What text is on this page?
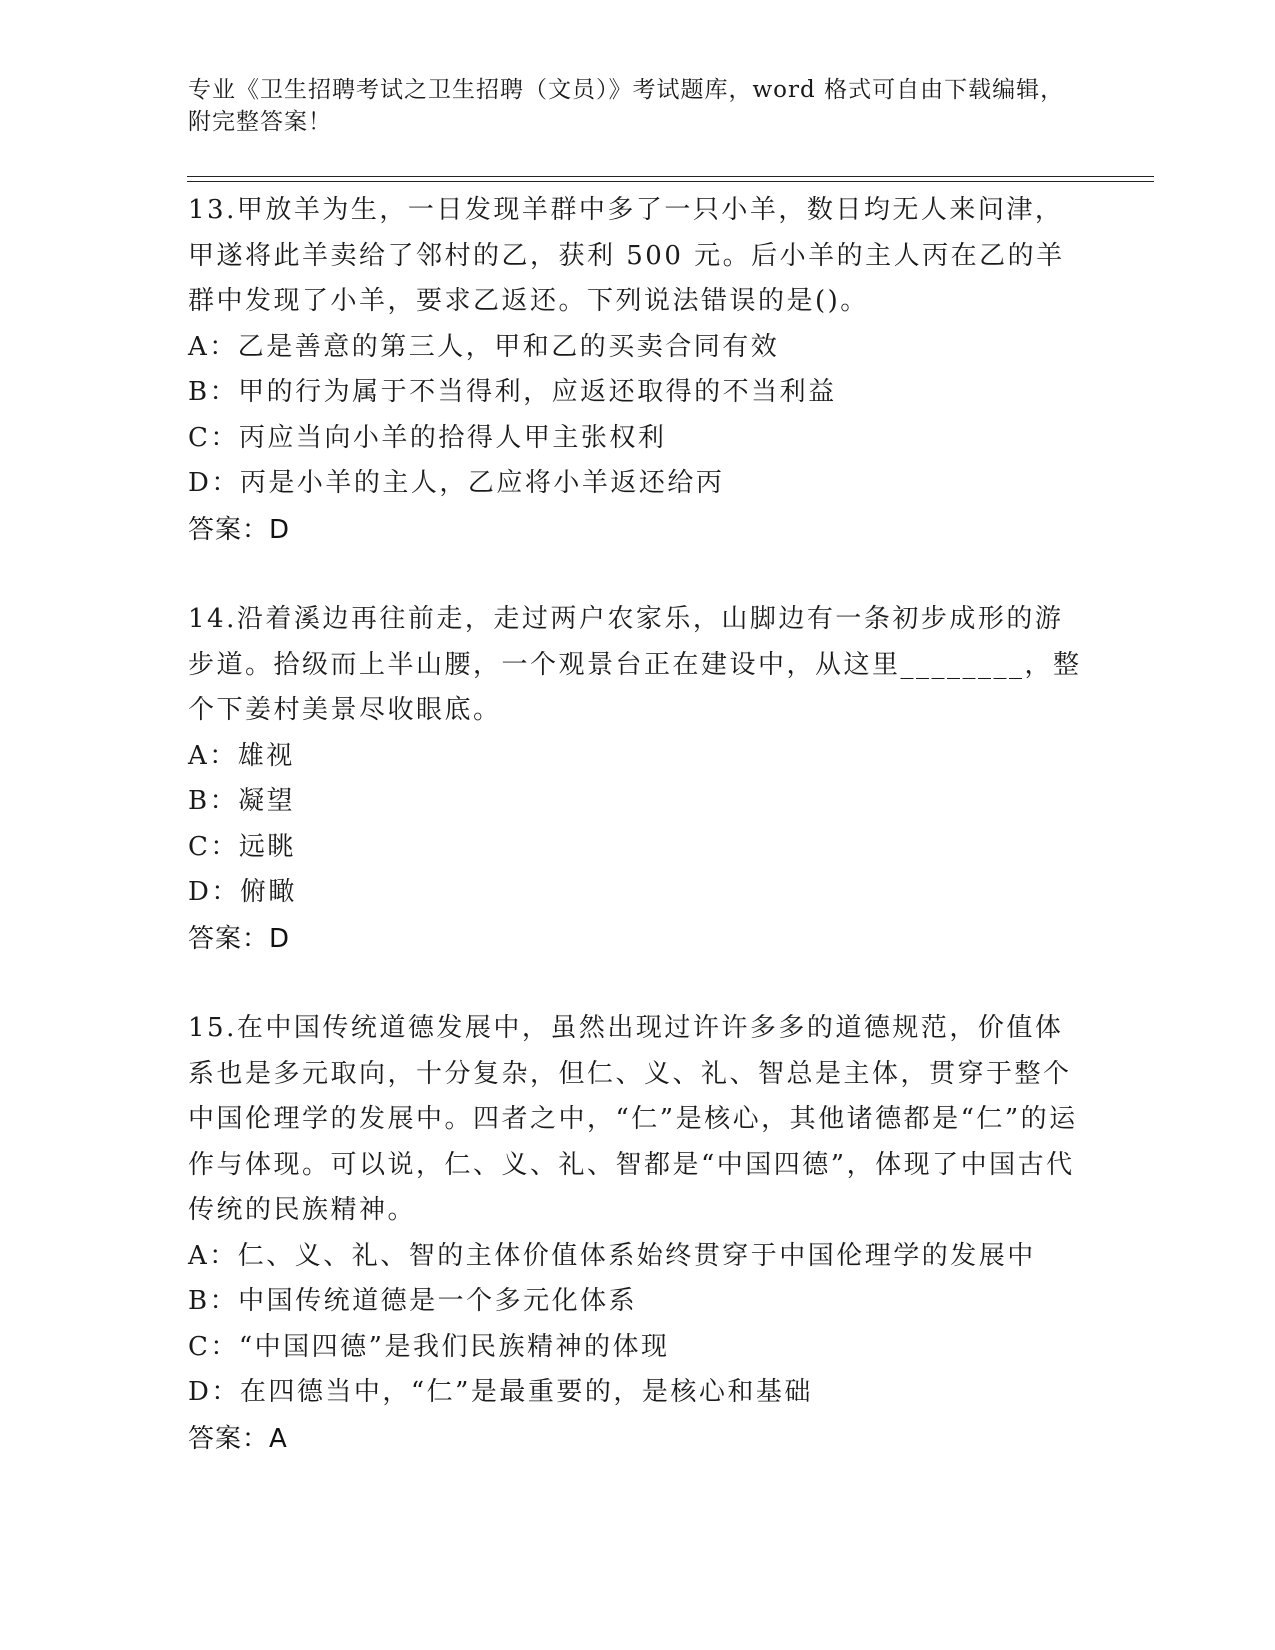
专业《卫生招聘考试之卫生招聘（文员）》考试题库，word 格式可自由下载编辑，附完整答案！

13.甲放羊为生，一日发现羊群中多了一只小羊，数日均无人来问津，甲遂将此羊卖给了邻村的乙，获利 500 元。后小羊的主人丙在乙的羊群中发现了小羊，要求乙返还。下列说法错误的是()。

A：乙是善意的第三人，甲和乙的买卖合同有效

B：甲的行为属于不当得利，应返还取得的不当利益

C：丙应当向小羊的拾得人甲主张权利

D：丙是小羊的主人，乙应将小羊返还给丙

答案：D

14.沿着溪边再往前走，走过两户农家乐，山脚边有一条初步成形的游步道。拾级而上半山腰，一个观景台正在建设中，从这里________，整个下姜村美景尽收眼底。

A：雄视

B：凝望

C：远眺

D：俯瞰

答案：D

15.在中国传统道德发展中，虽然出现过许许多多的道德规范，价值体系也是多元取向，十分复杂，但仁、义、礼、智总是主体，贯穿于整个中国伦理学的发展中。四者之中，“仁”是核心，其他诸德都是“仁”的运作与体现。可以说，仁、义、礼、智都是“中国四德”，体现了中国古代传统的民族精神。

A：仁、义、礼、智的主体价值体系始终贯穿于中国伦理学的发展中

B：中国传统道德是一个多元化体系

C：“中国四德”是我们民族精神的体现

D：在四德当中，“仁”是最重要的，是核心和基础

答案：A
